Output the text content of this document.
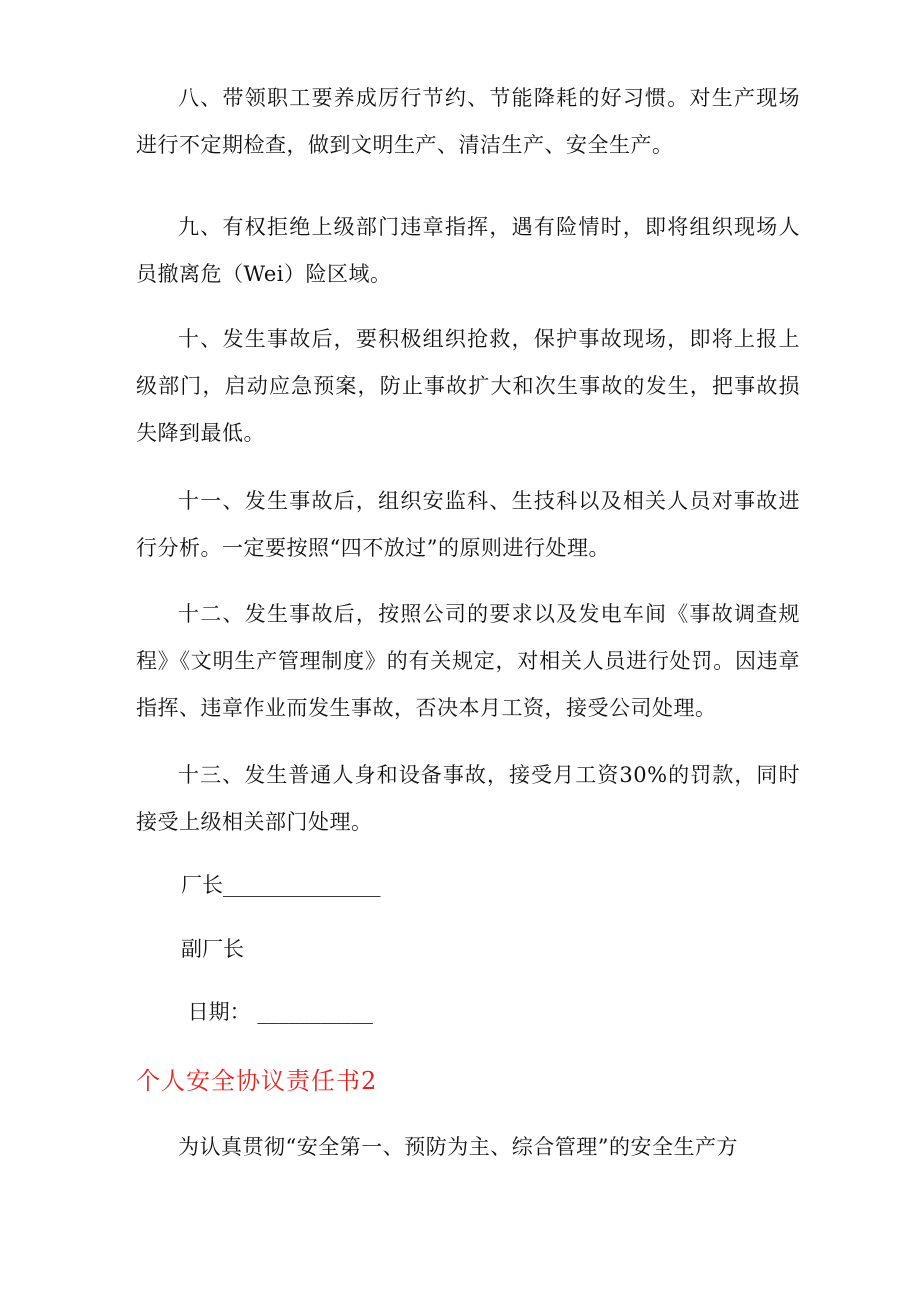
八、带领职工要养成厉行节约、节能降耗的好习惯。对生产现场进行不定期检查，做到文明生产、清洁生产、安全生产。

九、有权拒绝上级部门违章指挥，遇有险情时，即将组织现场人员撤离危（Wei）险区域。

十、发生事故后，要积极组织抢救，保护事故现场，即将上报上级部门，启动应急预案，防止事故扩大和次生事故的发生，把事故损失降到最低。

十一、发生事故后，组织安监科、生技科以及相关人员对事故进行分析。一定要按照“四不放过”的原则进行处理。

十二、发生事故后，按照公司的要求以及发电车间《事故调查规程》《文明生产管理制度》的有关规定，对相关人员进行处罚。因违章指挥、违章作业而发生事故，否决本月工资，接受公司处理。

十三、发生普通人身和设备事故，接受月工资30%的罚款，同时接受上级相关部门处理。

厂长_______________
副厂长
日期： ___________
个人安全协议责任书2

为认真贯彻“安全第一、预防为主、综合管理”的安全生产方
